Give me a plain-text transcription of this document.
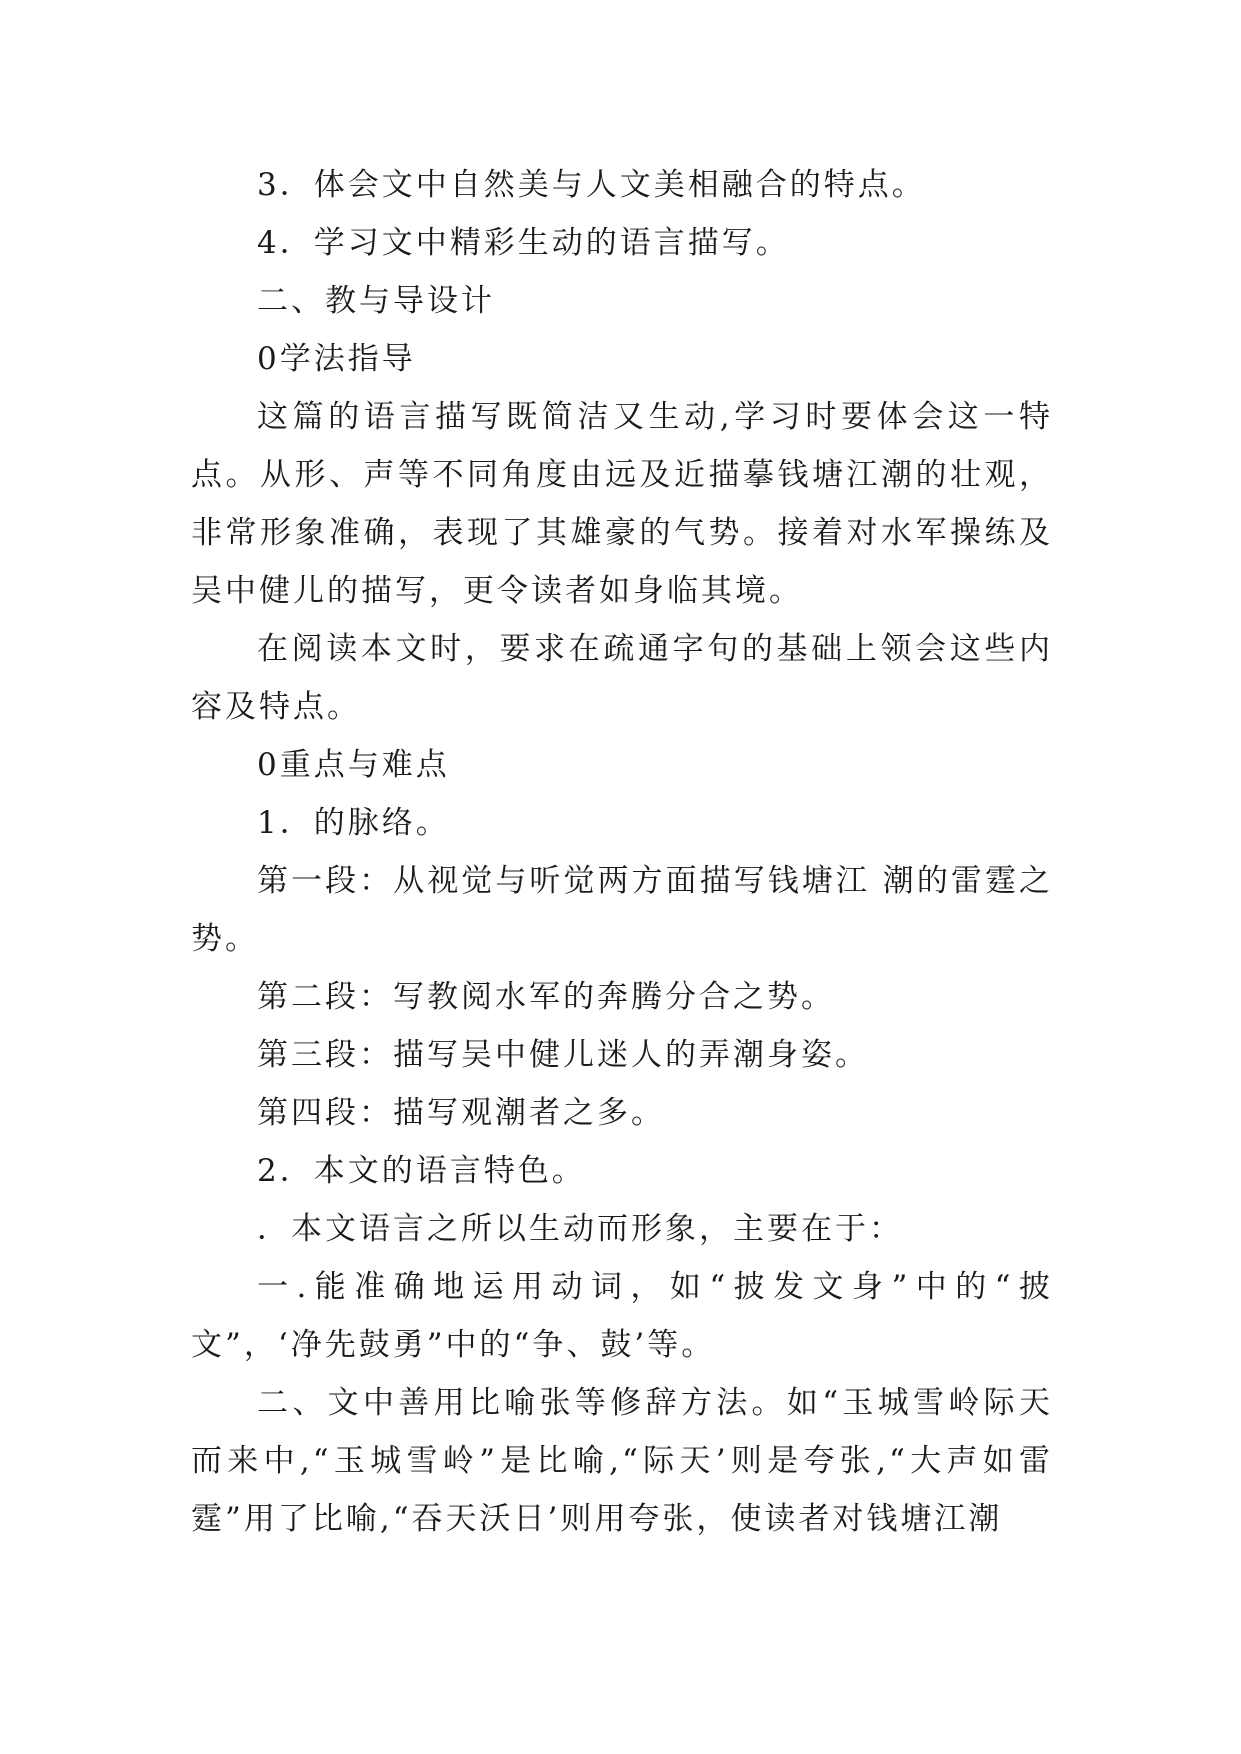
3．体会文中自然美与人文美相融合的特点。

4．学习文中精彩生动的语言描写。

二、教与导设计

0学法指导

这篇的语言描写既简洁又生动,学习时要体会这一特点。从形、声等不同角度由远及近描摹钱塘江潮的壮观，非常形象准确，表现了其雄豪的气势。接着对水军操练及吴中健儿的描写，更令读者如身临其境。

在阅读本文时，要求在疏通字句的基础上领会这些内容及特点。

0重点与难点

1．的脉络。

第一段：从视觉与听觉两方面描写钱塘江 潮的雷霆之势。

第二段：写教阅水军的奔腾分合之势。

第三段：描写吴中健儿迷人的弄潮身姿。

第四段：描写观潮者之多。

2．本文的语言特色。

．本文语言之所以生动而形象，主要在于：

一.能准确地运用动词，如“披发文身”中的“披文”，‘净先鼓勇”中的“争、鼓’等。

二、文中善用比喻张等修辞方法。如“玉城雪岭际天而来中,“玉城雪岭”是比喻,“际天’则是夸张,“大声如雷霆”用了比喻,“吞天沃日’则用夸张，使读者对钱塘江潮
